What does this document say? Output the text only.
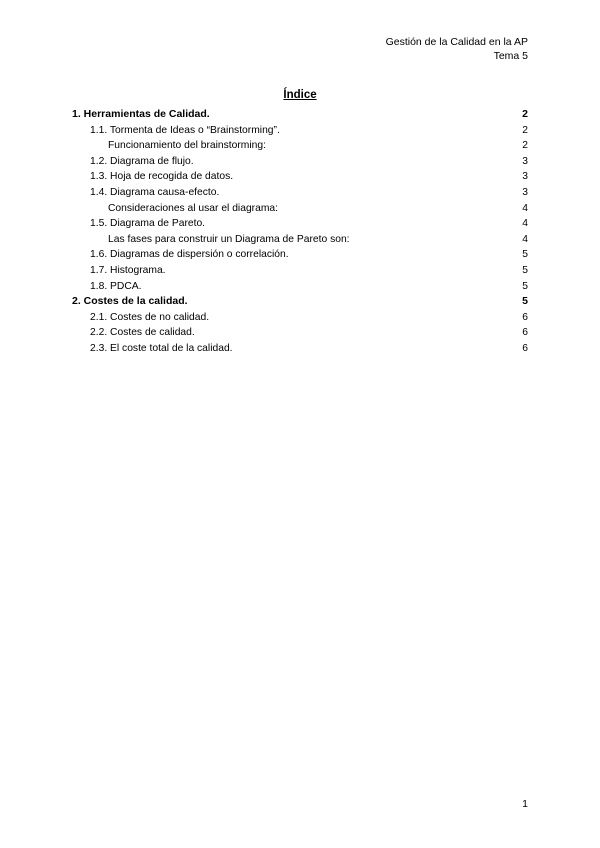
Gestión de la Calidad en la AP
Tema 5
Índice
1. Herramientas de Calidad.	2
1.1. Tormenta de Ideas o “Brainstorming”.	2
Funcionamiento del brainstorming:	2
1.2. Diagrama de flujo.	3
1.3. Hoja de recogida de datos.	3
1.4. Diagrama causa-efecto.	3
Consideraciones al usar el diagrama:	4
1.5. Diagrama de Pareto.	4
Las fases para construir un Diagrama de Pareto son:	4
1.6. Diagramas de dispersión o correlación.	5
1.7. Histograma.	5
1.8. PDCA.	5
2. Costes de la calidad.	5
2.1. Costes de no calidad.	6
2.2. Costes de calidad.	6
2.3. El coste total de la calidad.	6
1
